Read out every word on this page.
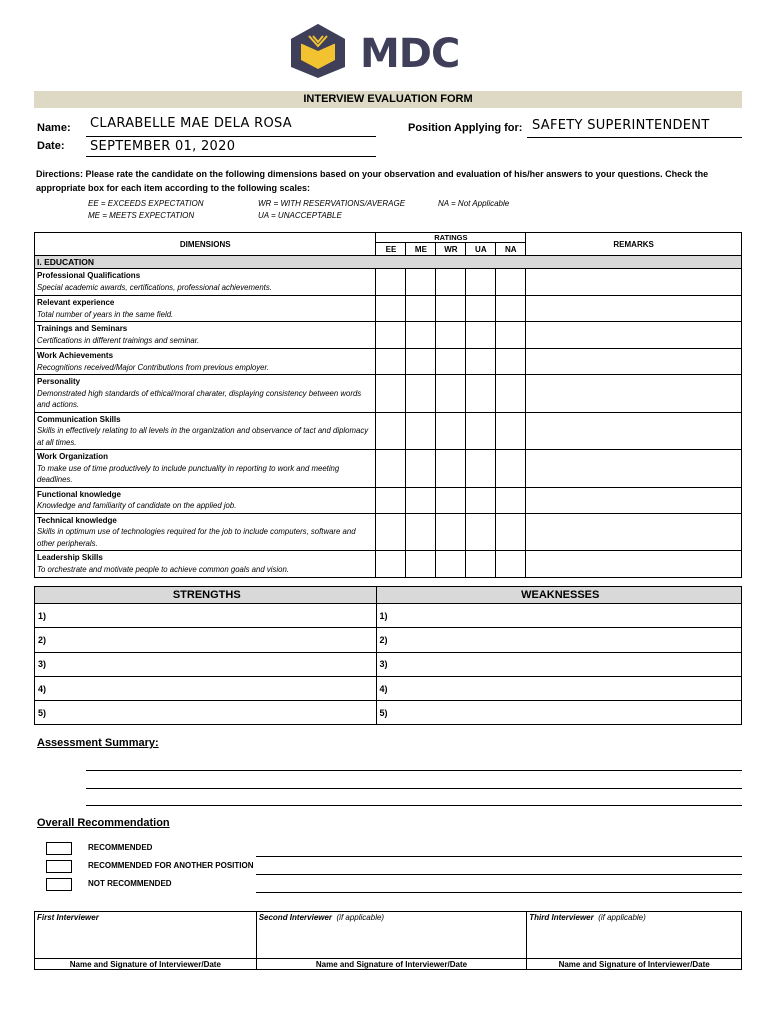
MDC
INTERVIEW EVALUATION FORM
Name: CLARABELLE MAE DELA ROSA
Date: SEPTEMBER 01, 2020
Position Applying for: SAFETY SUPERINTENDENT
Directions: Please rate the candidate on the following dimensions based on your observation and evaluation of his/her answers to your questions. Check the appropriate box for each item according to the following scales:
EE = EXCEEDS EXPECTATION
ME = MEETS EXPECTATION
WR = WITH RESERVATIONS/AVERAGE
UA = UNACCEPTABLE
NA = Not Applicable
DIMENSIONS	RATINGS					REMARKS
	EE	ME	WR	UA	NA	
I. EDUCATION						

Professional Qualifications
Special academic awards, certifications, professional achievements.						

Relevant experience
Total number of years in the same field.						

Trainings and Seminars
Certifications in different trainings and seminar.						

Work Achievements
Recognitions received/Major Contributions from previous employer.						

Personality
Demonstrated high standards of ethical/moral charater, displaying consistency between words and actions.						

Communication Skills
Skills in effectively relating to all levels in the organization and observance of tact and diplomacy at all times.						

Work Organization
To make use of time productively to include punctuality in reporting to work and meeting deadlines.						

Functional knowledge
Knowledge and familiarity of candidate on the applied job.						

Technical knowledge
Skills in optimum use of technologies required for the job to include computers, software and other peripherals.						

Leadership Skills
To orchestrate and motivate people to achieve common goals and vision.						

STRENGTHS	WEAKNESSES
1)	1)
2)	2)
3)	3)
4)	4)
5)	5)
Assessment Summary:
Overall Recommendation
RECOMMENDED
RECOMMENDED FOR ANOTHER POSITION
NOT RECOMMENDED
First Interviewer	Second Interviewer (if applicable)	Third Interviewer (if applicable)
Name and Signature of Interviewer/Date	Name and Signature of Interviewer/Date	Name and Signature of Interviewer/Date
